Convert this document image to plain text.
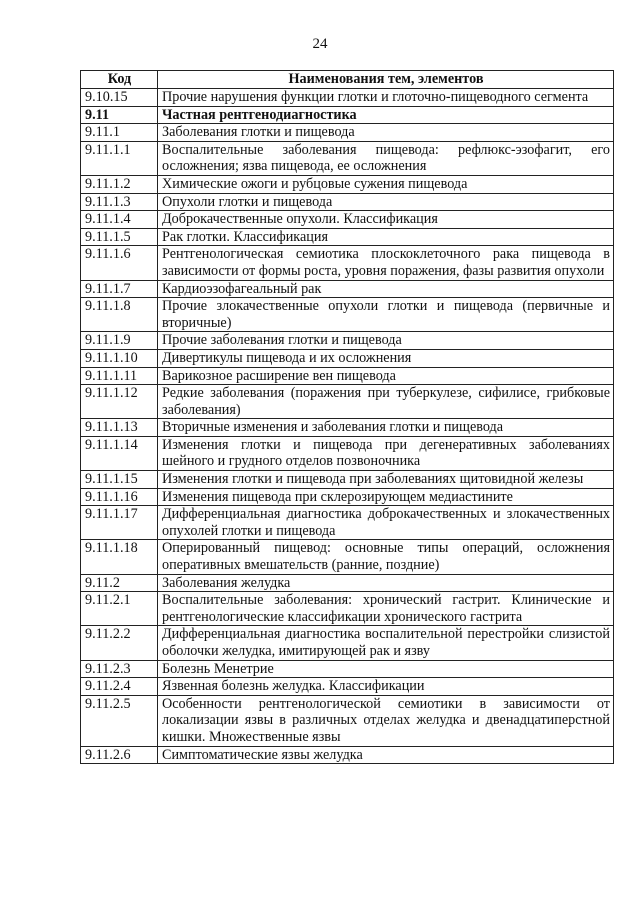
24
Код	Наименования тем, элементов
9.10.15	Прочие нарушения функции глотки и глоточно-пищеводного сегмента
9.11	Частная рентгенодиагностика
9.11.1	Заболевания глотки и пищевода
9.11.1.1	Воспалительные заболевания пищевода: рефлюкс-эзофагит, его осложнения; язва пищевода, ее осложнения
9.11.1.2	Химические ожоги и рубцовые сужения пищевода
9.11.1.3	Опухоли глотки и пищевода
9.11.1.4	Доброкачественные опухоли. Классификация
9.11.1.5	Рак глотки. Классификация
9.11.1.6	Рентгенологическая семиотика плоскоклеточного рака пищевода в зависимости от формы роста, уровня поражения, фазы развития опухоли
9.11.1.7	Кардиоэзофагеальный рак
9.11.1.8	Прочие злокачественные опухоли глотки и пищевода (первичные и вторичные)
9.11.1.9	Прочие заболевания глотки и пищевода
9.11.1.10	Дивертикулы пищевода и их осложнения
9.11.1.11	Варикозное расширение вен пищевода
9.11.1.12	Редкие заболевания (поражения при туберкулезе, сифилисе, грибковые заболевания)
9.11.1.13	Вторичные изменения и заболевания глотки и пищевода
9.11.1.14	Изменения глотки и пищевода при дегенеративных заболеваниях шейного и грудного отделов позвоночника
9.11.1.15	Изменения глотки и пищевода при заболеваниях щитовидной железы
9.11.1.16	Изменения пищевода при склерозирующем медиастините
9.11.1.17	Дифференциальная диагностика доброкачественных и злокачественных опухолей глотки и пищевода
9.11.1.18	Оперированный пищевод: основные типы операций, осложнения оперативных вмешательств (ранние, поздние)
9.11.2	Заболевания желудка
9.11.2.1	Воспалительные заболевания: хронический гастрит. Клинические и рентгенологические классификации хронического гастрита
9.11.2.2	Дифференциальная диагностика воспалительной перестройки слизистой оболочки желудка, имитирующей рак и язву
9.11.2.3	Болезнь Менетрие
9.11.2.4	Язвенная болезнь желудка. Классификации
9.11.2.5	Особенности рентгенологической семиотики в зависимости от локализации язвы в различных отделах желудка и двенадцатиперстной кишки. Множественные язвы
9.11.2.6	Симптоматические язвы желудка
